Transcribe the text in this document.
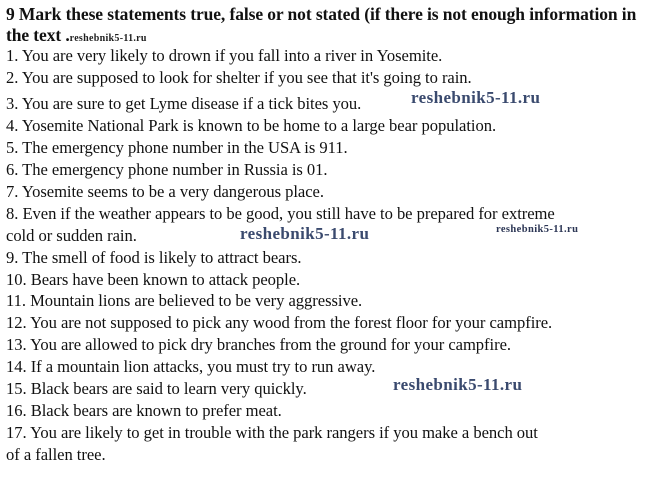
9 Mark these statements true, false or not stated (if there is not enough information in the text .reshebnik5-11.ru
1. You are very likely to drown if you fall into a river in Yosemite.
2. You are supposed to look for shelter if you see that it's going to rain.
3. You are sure to get Lyme disease if a tick bites you.
4. Yosemite National Park is known to be home to a large bear population.
5. The emergency phone number in the USA is 911.
6. The emergency phone number in Russia is 01.
7. Yosemite seems to be a very dangerous place.
8. Even if the weather appears to be good, you still have to be prepared for extreme
cold or sudden rain.
9. The smell of food is likely to attract bears.
10. Bears have been known to attack people.
11. Mountain lions are believed to be very aggressive.
12. You are not supposed to pick any wood from the forest floor for your campfire.
13. You are allowed to pick dry branches from the ground for your campfire.
14. If a mountain lion attacks, you must try to run away.
15. Black bears are said to learn very quickly.
16. Black bears are known to prefer meat.
17. You are likely to get in trouble with the park rangers if you make a bench out
of a fallen tree.
reshebnik5-11.ru
reshebnik5-11.ru	reshebnik5-11.ru
reshebnik5-11.ru
